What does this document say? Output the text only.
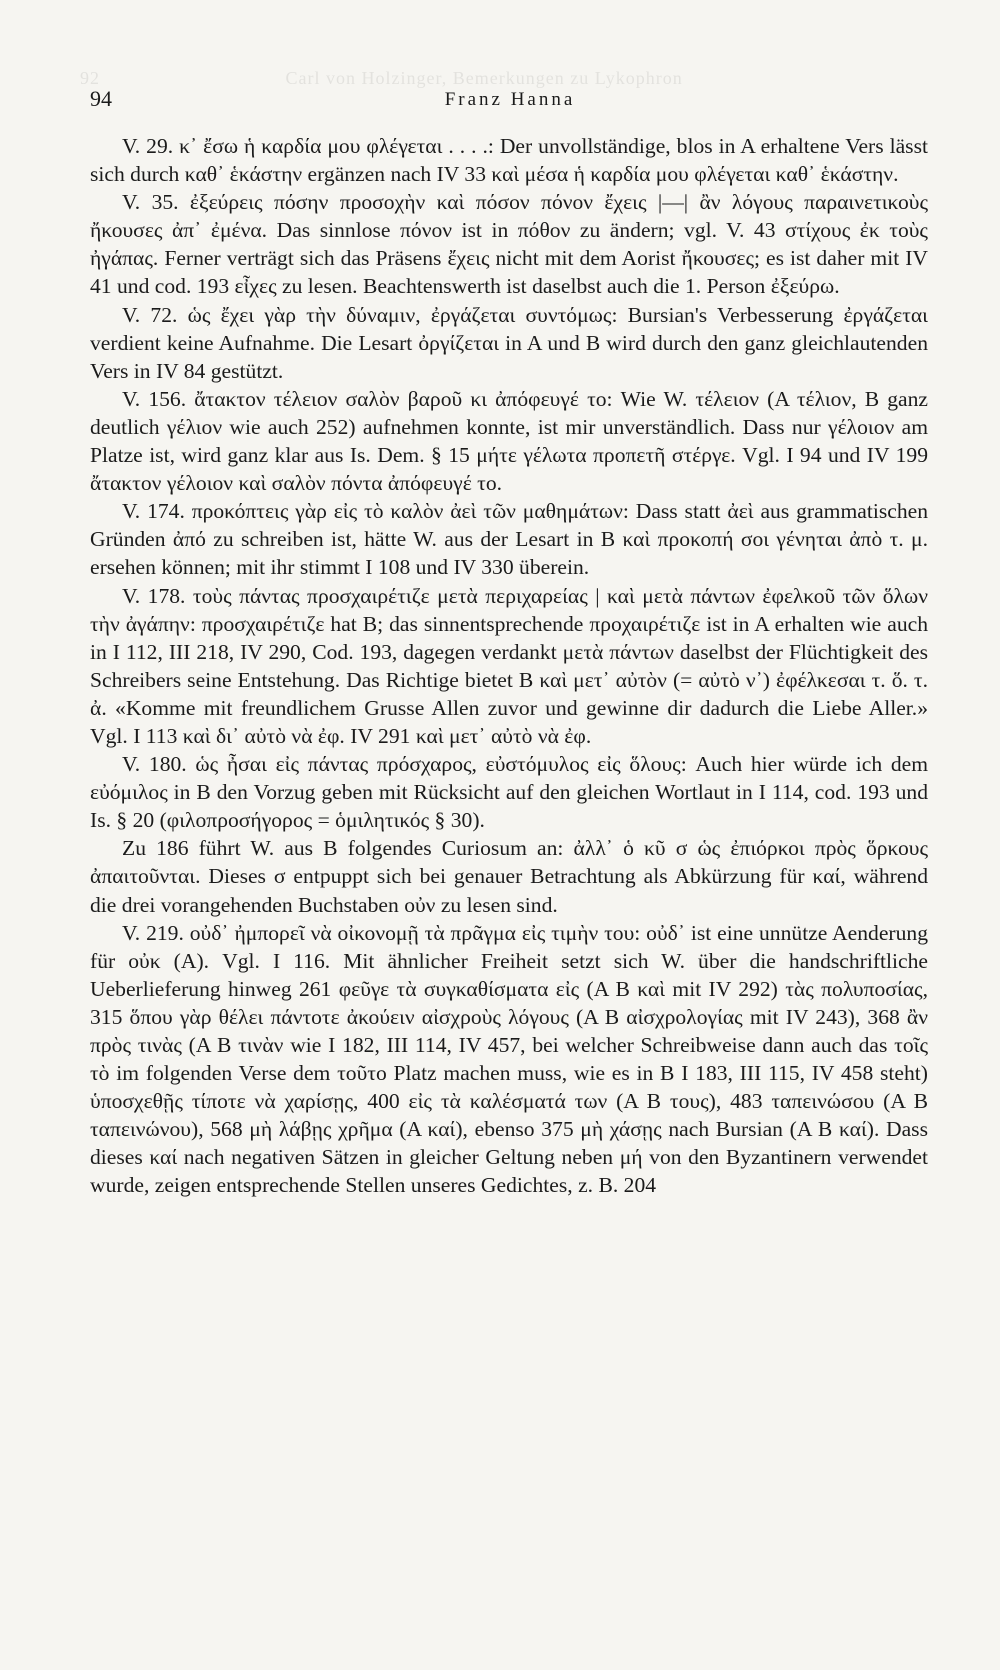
92	Carl von Holzinger, Bemerkungen zu Lykophron
94	Franz Hanna

V. 29. κ᾽ ἔσω ἡ καρδία μου φλέγεται . . . .: Der unvollständige, blos in A erhaltene Vers lässt sich durch καθ᾽ ἑκάστην ergänzen nach IV 33 καὶ μέσα ἡ καρδία μου φλέγεται καθ᾽ ἑκάστην.

V. 35. ἐξεύρεις πόσην προσοχὴν καὶ πόσον πόνον ἔχεις |—| ἂν λόγους παραινετικοὺς ἤκουσες ἀπ᾽ ἐμένα. Das sinnlose πόνον ist in πόθον zu ändern; vgl. V. 43 στίχους ἐκ τοὺς ἠγάπας. Ferner verträgt sich das Präsens ἔχεις nicht mit dem Aorist ἤκουσες; es ist daher mit IV 41 und cod. 193 εἶχες zu lesen. Beachtenswerth ist daselbst auch die 1. Person ἐξεύρω.

V. 72. ὡς ἔχει γὰρ τὴν δύναμιν, ἐργάζεται συντόμως: Bursian's Verbesserung ἐργάζεται verdient keine Aufnahme. Die Lesart ὀργίζεται in A und B wird durch den ganz gleichlautenden Vers in IV 84 gestützt.

V. 156. ἄτακτον τέλειον σαλὸν βαροῦ κι ἀπόφευγέ το: Wie W. τέλειον (A τέλιον, B ganz deutlich γέλιον wie auch 252) aufnehmen konnte, ist mir unverständlich. Dass nur γέλοιον am Platze ist, wird ganz klar aus Is. Dem. § 15 μήτε γέλωτα προπετῆ στέργε. Vgl. I 94 und IV 199 ἄτακτον γέλοιον καὶ σαλὸν πόντα ἀπόφευγέ το.

V. 174. προκόπτεις γὰρ εἰς τὸ καλὸν ἀεὶ τῶν μαθημάτων: Dass statt ἀεὶ aus grammatischen Gründen ἀπό zu schreiben ist, hätte W. aus der Lesart in B καὶ προκοπή σοι γένηται ἀπὸ τ. μ. ersehen können; mit ihr stimmt I 108 und IV 330 überein.

V. 178. τοὺς πάντας προσχαιρέτιζε μετὰ περιχαρείας | καὶ μετὰ πάντων ἐφελκοῦ τῶν ὅλων τὴν ἀγάπην: προσχαιρέτιζε hat B; das sinnentsprechende προχαιρέτιζε ist in A erhalten wie auch in I 112, III 218, IV 290, Cod. 193, dagegen verdankt μετὰ πάντων daselbst der Flüchtigkeit des Schreibers seine Entstehung. Das Richtige bietet B καὶ μετ᾽ αὐτὸν (= αὐτὸ ν᾽) ἐφέλκεσαι τ. ὅ. τ. ἀ. «Komme mit freundlichem Grusse Allen zuvor und gewinne dir dadurch die Liebe Aller.» Vgl. I 113 καὶ δι᾽ αὐτὸ νὰ ἐφ. IV 291 καὶ μετ᾽ αὐτὸ νὰ ἐφ.

V. 180. ὡς ἦσαι εἰς πάντας πρόσχαρος, εὐστόμυλος εἰς ὅλους: Auch hier würde ich dem εὐόμιλος in B den Vorzug geben mit Rücksicht auf den gleichen Wortlaut in I 114, cod. 193 und Is. § 20 (φιλοπροσήγορος = ὁμιλητικός § 30).

Zu 186 führt W. aus B folgendes Curiosum an: ἀλλ᾽ ὁ κῦ σ ὡς ἐπιόρκοι πρὸς ὅρκους ἀπαιτοῦνται. Dieses σ entpuppt sich bei genauer Betrachtung als Abkürzung für καί, während die drei vorangehenden Buchstaben οὐν zu lesen sind.

V. 219. οὐδ᾽ ἠμπορεῖ νὰ οἰκονομῇ τὰ πρᾶγμα εἰς τιμὴν του: οὐδ᾽ ist eine unnütze Aenderung für οὐκ (A). Vgl. I 116. Mit ähnlicher Freiheit setzt sich W. über die handschriftliche Ueberlieferung hinweg 261 φεῦγε τὰ συγκαθίσματα εἰς (A B καὶ mit IV 292) τὰς πολυποσίας, 315 ὅπου γὰρ θέλει πάντοτε ἀκούειν αἰσχροὺς λόγους (A B αἰσχρολογίας mit IV 243), 368 ἂν πρὸς τινὰς (A B τινὰν wie I 182, III 114, IV 457, bei welcher Schreibweise dann auch das τοῖς τὸ im folgenden Verse dem τοῦτο Platz machen muss, wie es in B I 183, III 115, IV 458 steht) ὑποσχεθῇς τίποτε νὰ χαρίσῃς, 400 εἰς τὰ καλέσματά των (A B τους), 483 ταπεινώσου (A B ταπεινώνου), 568 μὴ λάβῃς χρῆμα (A καί), ebenso 375 μὴ χάσῃς nach Bursian (A B καί). Dass dieses καί nach negativen Sätzen in gleicher Geltung neben μή von den Byzantinern verwendet wurde, zeigen entsprechende Stellen unseres Gedichtes, z. B. 204
